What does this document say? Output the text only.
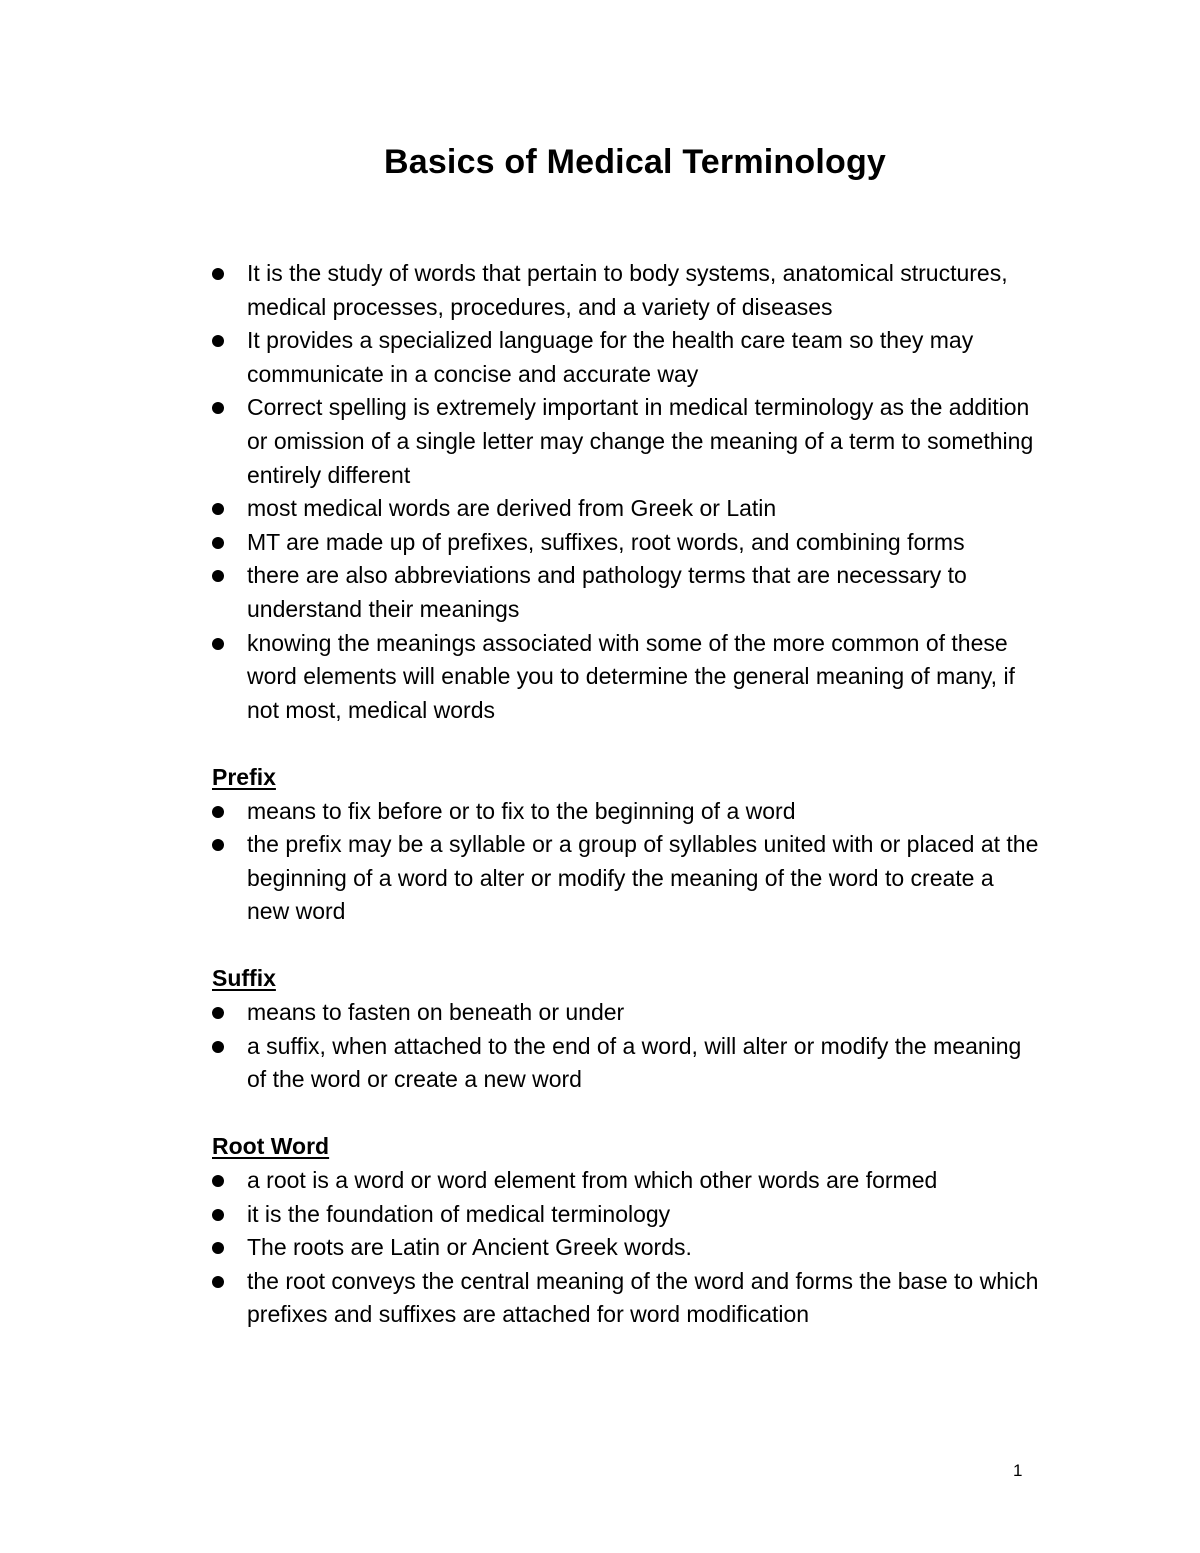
Basics of Medical Terminology
It is the study of words that pertain to body systems, anatomical structures, medical processes, procedures, and a variety of diseases
It provides a specialized language for the health care team so they may communicate in a concise and accurate way
Correct spelling is extremely important in medical terminology as the addition or omission of a single letter may change the meaning of a term to something entirely different
most medical words are derived from Greek or Latin
MT are made up of prefixes, suffixes, root words, and combining forms
there are also abbreviations and pathology terms that are necessary to understand their meanings
knowing the meanings associated with some of the more common of these word elements will enable you to determine the general meaning of many, if not most, medical words
Prefix
means to fix before or to fix to the beginning of a word
the prefix may be a syllable or a group of syllables united with or placed at the beginning of a word to alter or modify the meaning of the word to create a new word
Suffix
means to fasten on beneath or under
a suffix, when attached to the end of a word, will alter or modify the meaning of the word or create a new word
Root Word
a root is a word or word element from which other words are formed
it is the foundation of medical terminology
The roots are Latin or Ancient Greek words.
the root conveys the central meaning of the word and forms the base to which prefixes and suffixes are attached for word modification
1
